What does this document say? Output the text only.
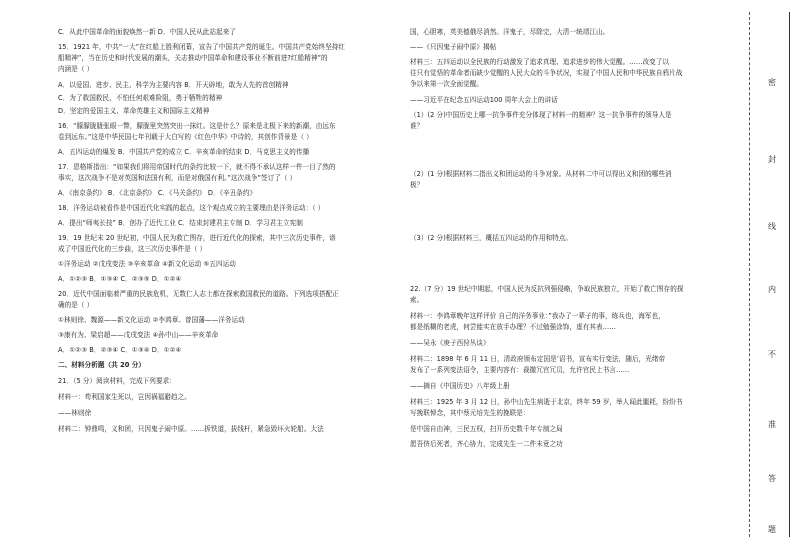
C．从此中国革命的面貌焕然一新 D．中国人民从此站起来了
15．1921 年，中共“一大”在红船上胜利闭幕，宣告了中国共产党的诞生。中国共产党始终坚持红
船精神”，当在历史和时代发展的潮头，关志推动中国革命和建设事业不断前进?红船精神”的
内涵是（ ）
A．以爱国、进步、民主、科学为主要内容 B．开天辟地，敢为人先的首创精神
C．为了救国救民，不怕任何艰难险阻，勇于牺牲的精神
D．坚定的爱国主义、革命英雄主义和国际主义精神
16．“朦朦胧胧张眼一瞥，朦胧里突然突出一抹红。这是什么？原来是北极下来的新潮，由远东
卷到远东。”这是中华民国七年刊载于大白写的《红色中华》中诗的，其创作背景是（ ）
A．五四运动的爆发 B．中国共产党的成立 C．辛亥革命的结束 D．马克思主义的传播
17．恩格斯指出：“如果我们将用帝国时代的条约比较一下，就不得不承认这样一件一目了然的
事实，这次战争不是对英国和法国有利，而是对俄国有利。”这次战争”签订了（ ）
A．《南京条约》 B．《北京条约》 C．《马关条约》 D．《辛丑条约》
18．洋务运动被看作是中国近代化实践的起点，这个观点成立的主要理由是洋务运动：（ ）
A．提出“师夷长技” B．创办了近代工业 C．结束封建君主专制 D．学习君主立宪制
19．19 世纪末 20 世纪初，中国人民为救亡图存，进行近代化的探索，其中三次历史事件，谱
成了中国近代化的三步曲，这三次历史事件是（ ）
①洋务运动 ②戊戌变法 ③辛亥革命 ④新文化运动 ⑤五四运动
A．①②③ B．①③④ C．②③⑤ D．①②④
20．近代中国面临着严重的民族危机，无数仁人志士都在探索救国救民的道路。下列选项搭配正
确的是（ ）
①林则徐、魏源——新文化运动 ②李鸿章、曾国藩——洋务运动
③康有为、梁启超——戊戌变法 ④孙中山——辛亥革命
A．①②③ B．②③④ C．①③④ D．①②④
二、材料分析题（共 20 分）
21．（5 分）阅读材料，完成下列要求：
材料一：苟利国家生死以，岂因祸福避趋之。
——林则徐
材料二：钟鼎鸣，义和团，只因鬼子闹中原。……拆铁道，拔线杆，紧急毁坏火轮船。大法
国，心胆寒，英美德俄尽消然。洋鬼子，尽除完，大清一统靖江山。
——《只因鬼子闹中原》揭帖
材料三：五四运动以全民族的行动激发了追求真理、追求进步的伟大觉醒。……改变了以
往只有觉悟的革命者而缺少觉醒的人民大众的斗争状况，实现了中国人民和中华民族自鸦片战
争以来第一次全面觉醒。
——习近平在纪念五四运动100 周年大会上的讲话
（1）(2 分)中国历史上哪一抗争事件充分体现了材料一的精神？这一抗争事件的领导人是
谁？
（2）(1 分)根据材料二指出义和团运动的斗争对象。从材料二中可以得出义和团的哪些消
极？
（3）(2 分)根据材料三，概括五四运动的作用和特点。
22.（7 分）19 世纪中期起，中国人民为反抗列强侵略，争取民族独立，开始了救亡图存的探
索。
材料一：李鸿章晚年这样评价 自己的洋务事业：”我办了一辈子的事，练兵也，海军也，
都是纸糊的老虎，何尝能实在放手办理？不过勉强涂饰，虚有其表……
——吴永《庚子西狩丛谈》
材料二：1898 年 6 月 11 日，清政府颁布定国是’诏书，宣布实行变法，随后，光绪帝
发布了一系列变法诏令，主要内容有：裁撤冗官冗员，允许官民上书言……
——摘自《中国历史》八年级上册
材料三：1925 年 3 月 12 日，孙中山先生病逝于北京，终年 59 岁，举人闻此噩耗，纷纷书
写挽联悼念，其中蔡元培先生的挽联是：
是中国自由神，三民五权，扫开历史数千年专制之局
愿吾侪后死者，齐心协力，完成先生一二件未竟之功
密
封
线
内
不
准
答
题
